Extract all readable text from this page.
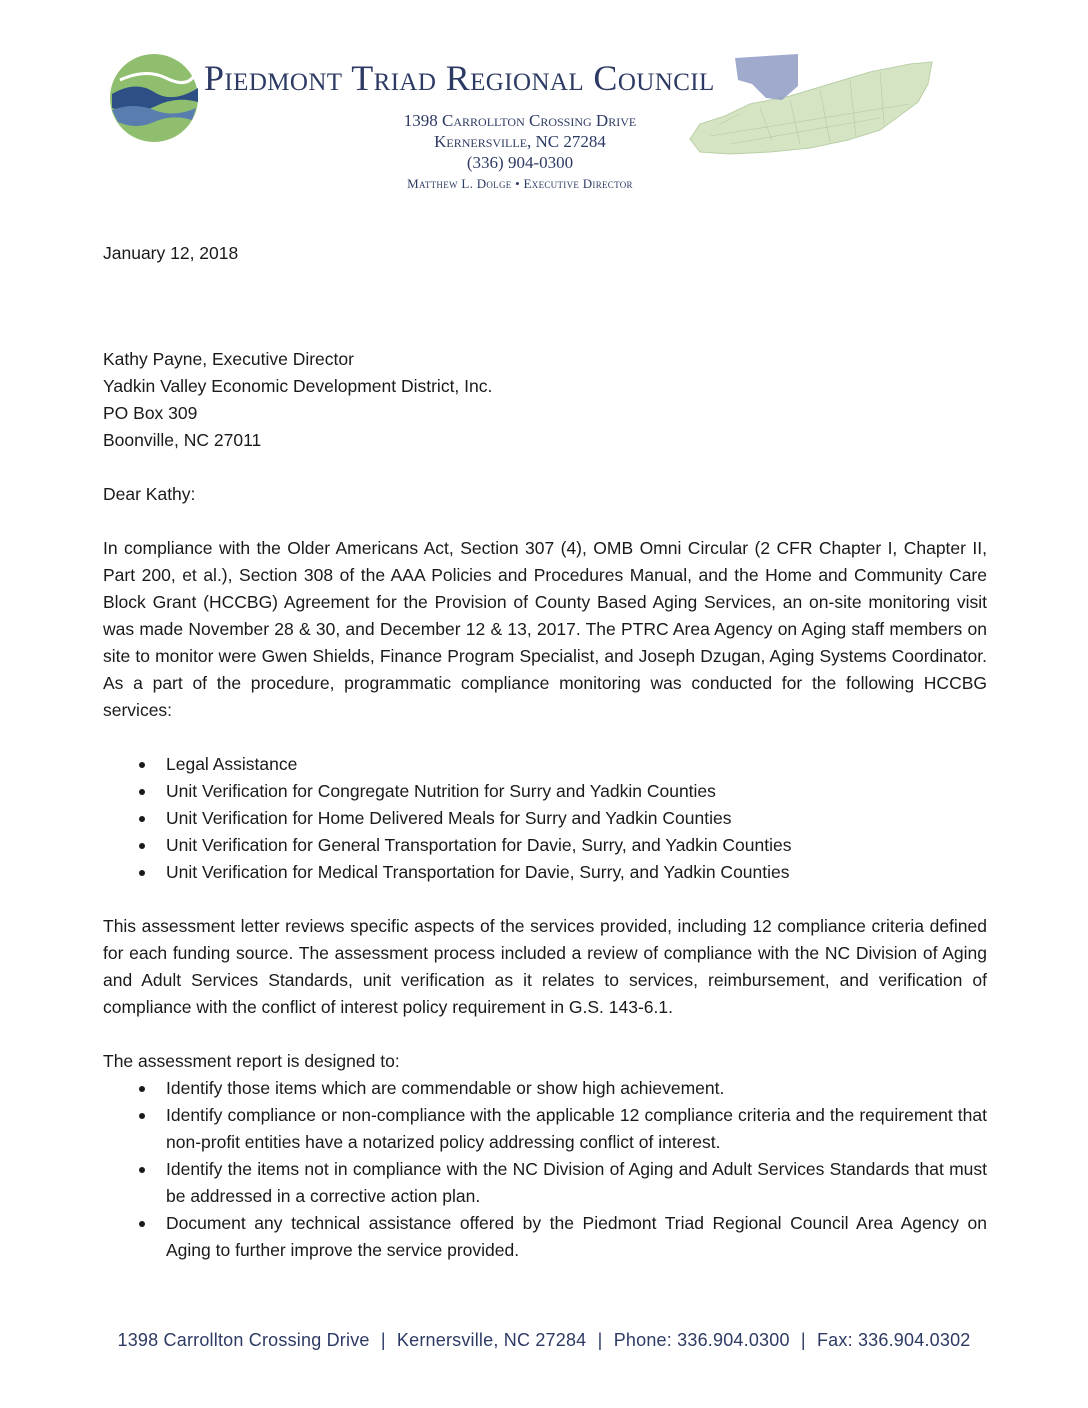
Piedmont Triad Regional Council
1398 Carrollton Crossing Drive
Kernersville, NC 27284
(336) 904-0300
Matthew L. Dolge • Executive Director

January 12, 2018

Kathy Payne, Executive Director

Yadkin Valley Economic Development District, Inc.

PO Box 309

Boonville, NC 27011

Dear Kathy:

In compliance with the Older Americans Act, Section 307 (4), OMB Omni Circular (2 CFR Chapter I, Chapter II, Part 200, et al.), Section 308 of the AAA Policies and Procedures Manual, and the Home and Community Care Block Grant (HCCBG) Agreement for the Provision of County Based Aging Services, an on-site monitoring visit was made November 28 & 30, and December 12 & 13, 2017. The PTRC Area Agency on Aging staff members on site to monitor were Gwen Shields, Finance Program Specialist, and Joseph Dzugan, Aging Systems Coordinator. As a part of the procedure, programmatic compliance monitoring was conducted for the following HCCBG services:

Legal Assistance
Unit Verification for Congregate Nutrition for Surry and Yadkin Counties
Unit Verification for Home Delivered Meals for Surry and Yadkin Counties
Unit Verification for General Transportation for Davie, Surry, and Yadkin Counties
Unit Verification for Medical Transportation for Davie, Surry, and Yadkin Counties

This assessment letter reviews specific aspects of the services provided, including 12 compliance criteria defined for each funding source. The assessment process included a review of compliance with the NC Division of Aging and Adult Services Standards, unit verification as it relates to services, reimbursement, and verification of compliance with the conflict of interest policy requirement in G.S. 143-6.1.

The assessment report is designed to:

Identify those items which are commendable or show high achievement.
Identify compliance or non-compliance with the applicable 12 compliance criteria and the requirement that non-profit entities have a notarized policy addressing conflict of interest.
Identify the items not in compliance with the NC Division of Aging and Adult Services Standards that must be addressed in a corrective action plan.
Document any technical assistance offered by the Piedmont Triad Regional Council Area Agency on Aging to further improve the service provided.
1398 Carrollton Crossing Drive | Kernersville, NC 27284 | Phone: 336.904.0300 | Fax: 336.904.0302
